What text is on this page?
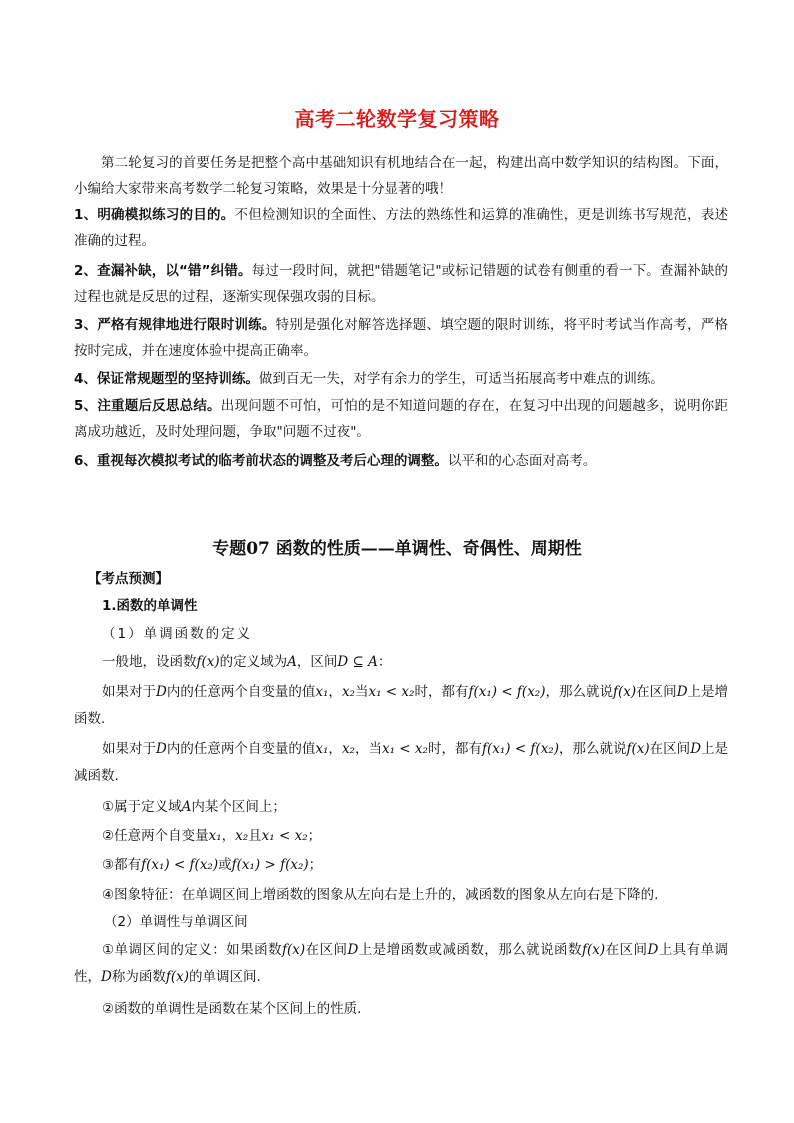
高考二轮数学复习策略
第二轮复习的首要任务是把整个高中基础知识有机地结合在一起，构建出高中数学知识的结构图。下面，小编给大家带来高考数学二轮复习策略，效果是十分显著的哦！
1、明确模拟练习的目的。不但检测知识的全面性、方法的熟练性和运算的准确性，更是训练书写规范，表述准确的过程。
2、查漏补缺，以“错”纠错。每过一段时间，就把"错题笔记"或标记错题的试卷有侧重的看一下。查漏补缺的过程也就是反思的过程，逐渐实现保强攻弱的目标。
3、严格有规律地进行限时训练。特别是强化对解答选择题、填空题的限时训练，将平时考试当作高考，严格按时完成，并在速度体验中提高正确率。
4、保证常规题型的坚持训练。做到百无一失，对学有余力的学生，可适当拓展高考中难点的训练。
5、注重题后反思总结。出现问题不可怕，可怕的是不知道问题的存在，在复习中出现的问题越多，说明你距离成功越近，及时处理问题，争取"问题不过夜"。
6、重视每次模拟考试的临考前状态的调整及考后心理的调整。以平和的心态面对高考。
专题07 函数的性质——单调性、奇偶性、周期性
【考点预测】
1.函数的单调性
（1）单调函数的定义
一般地，设函数f(x)的定义域为A，区间D ⊆ A：
如果对于D内的任意两个自变量的值x₁，x₂当x₁ < x₂时，都有f(x₁) < f(x₂)，那么就说f(x)在区间D上是增函数.
如果对于D内的任意两个自变量的值x₁，x₂，当x₁ < x₂时，都有f(x₁) < f(x₂)，那么就说f(x)在区间D上是减函数.
①属于定义域A内某个区间上；
②任意两个自变量x₁，x₂且x₁ < x₂；
③都有f(x₁) < f(x₂)或f(x₁) > f(x₂)；
④图象特征：在单调区间上增函数的图象从左向右是上升的，减函数的图象从左向右是下降的.
（2）单调性与单调区间
①单调区间的定义：如果函数f(x)在区间D上是增函数或减函数，那么就说函数f(x)在区间D上具有单调性，D称为函数f(x)的单调区间.
②函数的单调性是函数在某个区间上的性质.
